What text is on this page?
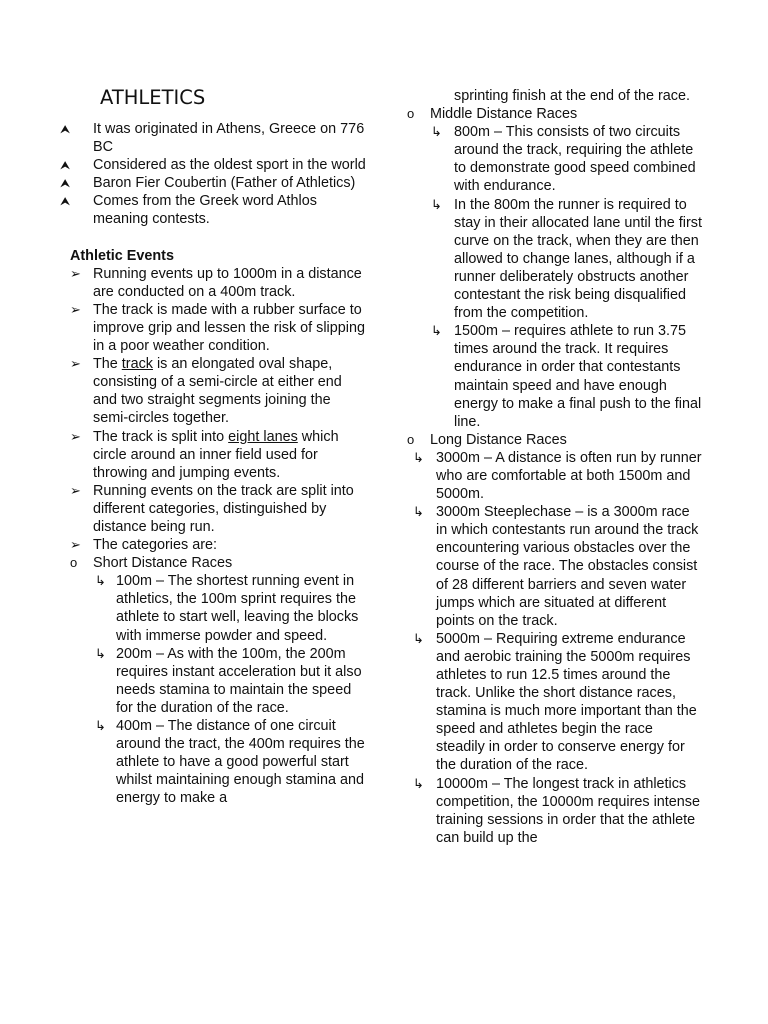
ATHLETICS
⮝ It was originated in Athens, Greece on 776 BC
⮝ Considered as the oldest sport in the world
⮝ Baron Fier Coubertin (Father of Athletics)
⮝ Comes from the Greek word Athlos meaning contests.
Athletic Events
➢ Running events up to 1000m in a distance are conducted on a 400m track.
➢ The track is made with a rubber surface to improve grip and lessen the risk of slipping in a poor weather condition.
➢ The track is an elongated oval shape, consisting of a semi-circle at either end and two straight segments joining the semi-circles together.
➢ The track is split into eight lanes which circle around an inner field used for throwing and jumping events.
➢ Running events on the track are split into different categories, distinguished by distance being run.
➢ The categories are:
o Short Distance Races
↳ 100m – The shortest running event in athletics, the 100m sprint requires the athlete to start well, leaving the blocks with immerse powder and speed.
↳ 200m – As with the 100m, the 200m requires instant acceleration but it also needs stamina to maintain the speed for the duration of the race.
↳ 400m – The distance of one circuit around the tract, the 400m requires the athlete to have a good powerful start whilst maintaining enough stamina and energy to make a
sprinting finish at the end of the race.
o Middle Distance Races
↳ 800m – This consists of two circuits around the track, requiring the athlete to demonstrate good speed combined with endurance.
↳ In the 800m the runner is required to stay in their allocated lane until the first curve on the track, when they are then allowed to change lanes, although if a runner deliberately obstructs another contestant the risk being disqualified from the competition.
↳ 1500m – requires athlete to run 3.75 times around the track. It requires endurance in order that contestants maintain speed and have enough energy to make a final push to the final line.
o Long Distance Races
↳ 3000m – A distance is often run by runner who are comfortable at both 1500m and 5000m.
↳ 3000m Steeplechase – is a 3000m race in which contestants run around the track encountering various obstacles over the course of the race. The obstacles consist of 28 different barriers and seven water jumps which are situated at different points on the track.
↳ 5000m – Requiring extreme endurance and aerobic training the 5000m requires athletes to run 12.5 times around the track. Unlike the short distance races, stamina is much more important than the speed and athletes begin the race steadily in order to conserve energy for the duration of the race.
↳ 10000m – The longest track in athletics competition, the 10000m requires intense training sessions in order that the athlete can build up the
